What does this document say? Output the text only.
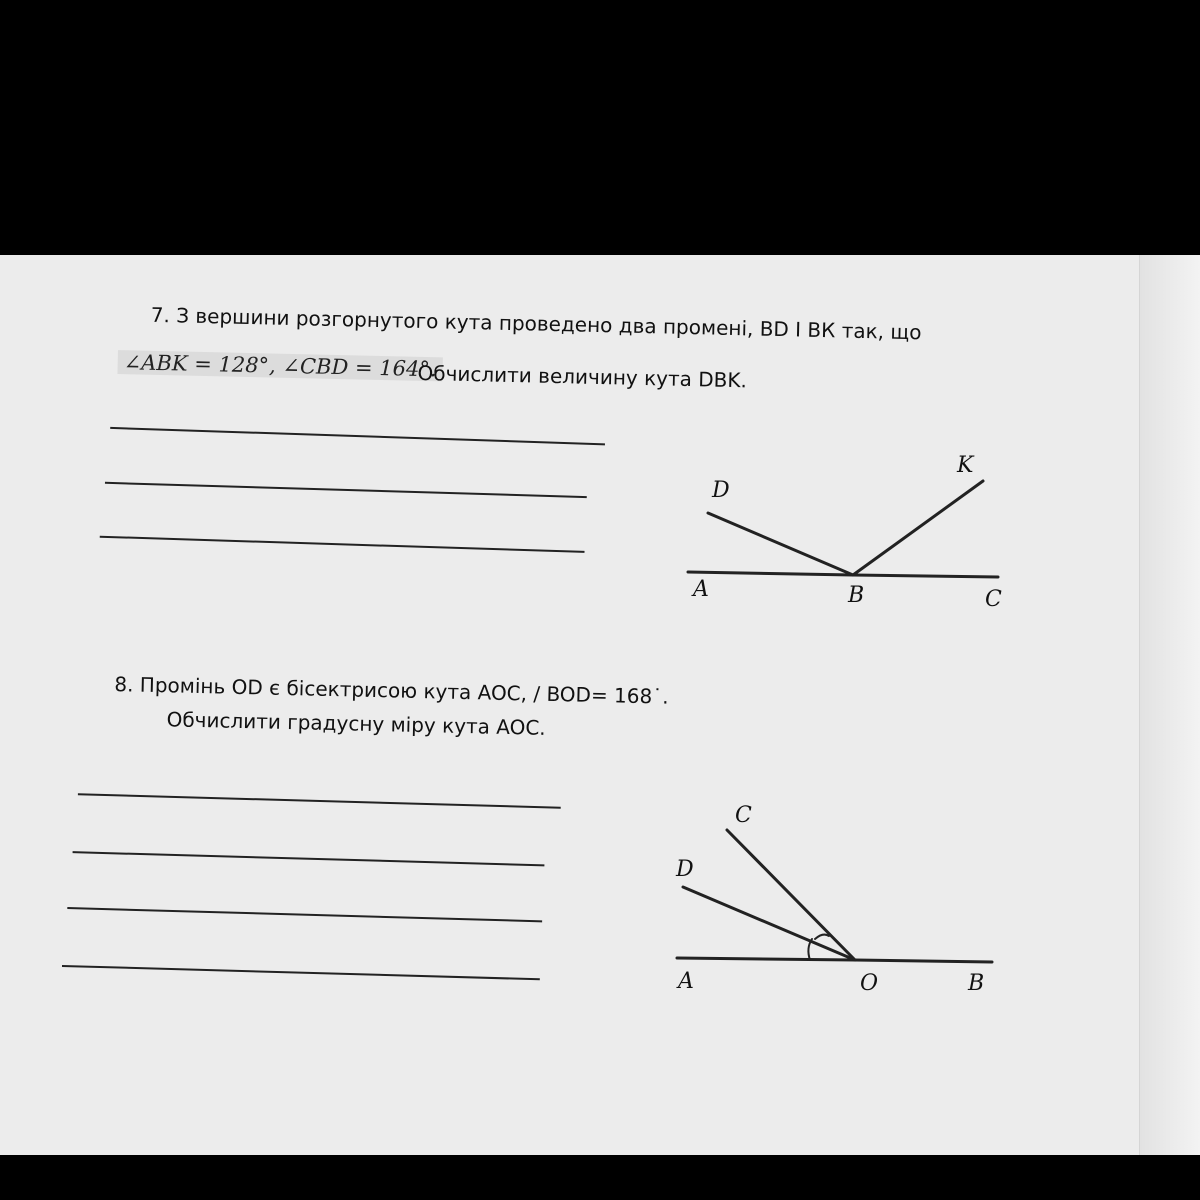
7. З вершини розгорнутого кута проведено два промені, BD І ВК так, що
∠ABK = 128°, ∠CBD = 164°.
Обчислити величину кута DBK.
8. Промінь OD є бісектрисою кута AOC, / BOD= 168˙.
Обчислити градусну міру кута AOC.
D
K
A	B	C
C
D
A	O	B
